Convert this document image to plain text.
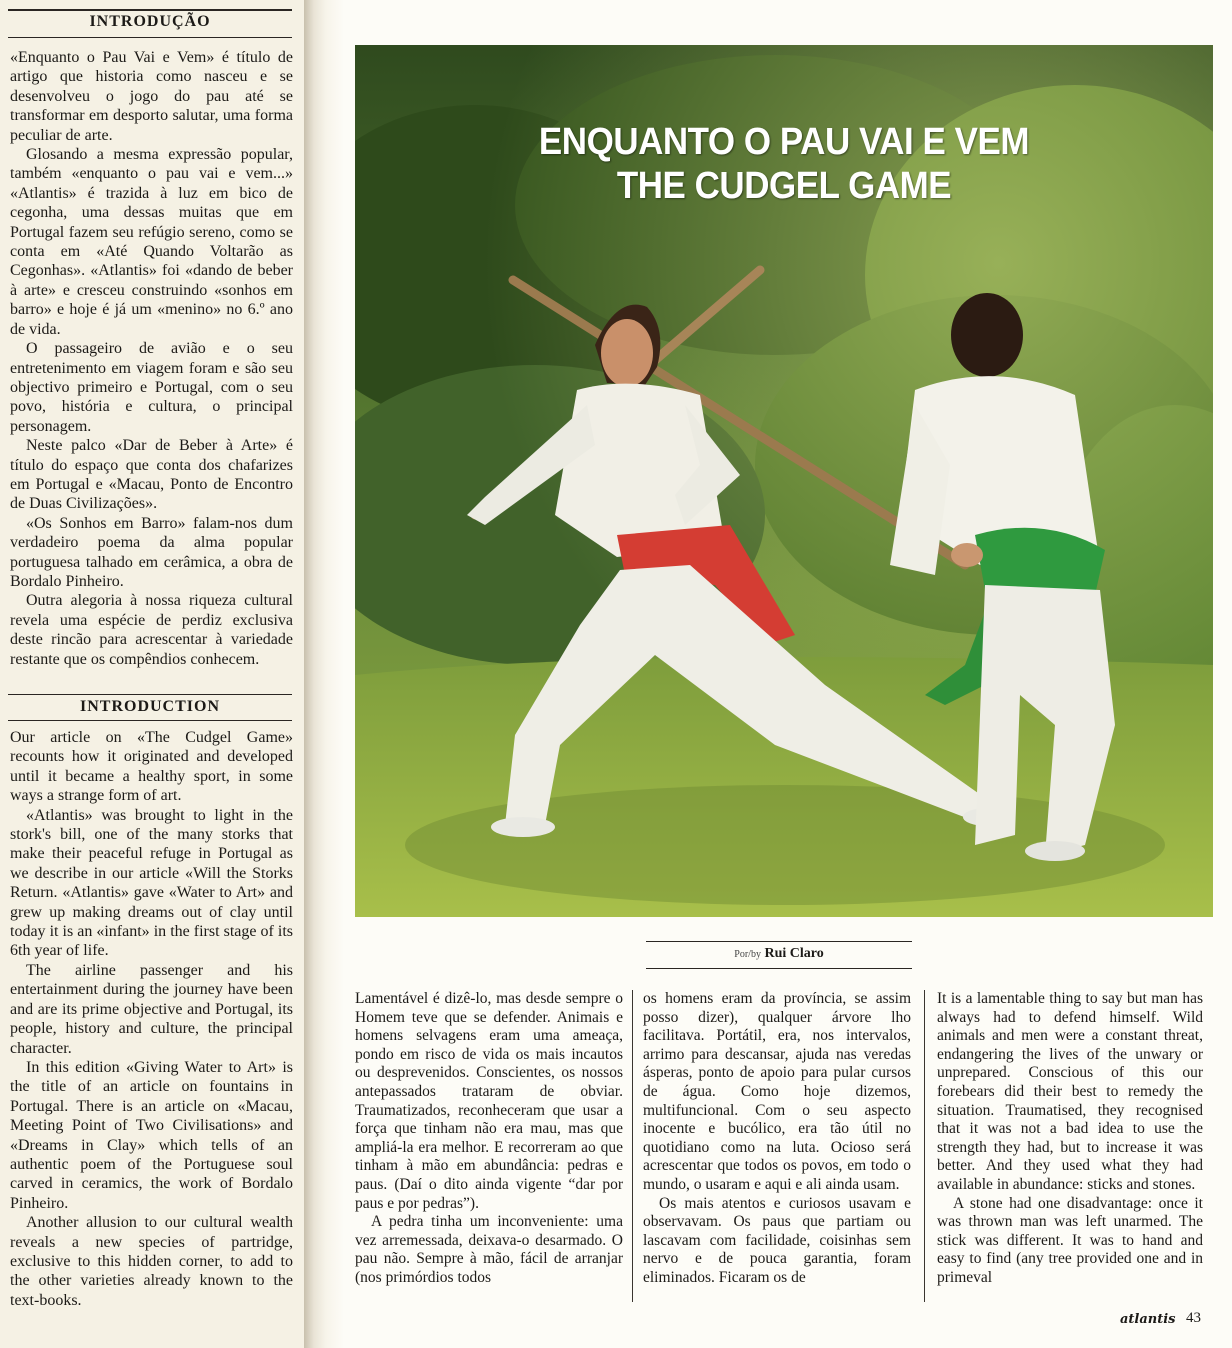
INTRODUÇÃO

«Enquanto o Pau Vai e Vem» é título de artigo que historia como nasceu e se desenvolveu o jogo do pau até se transformar em desporto salutar, uma forma peculiar de arte.

Glosando a mesma expressão popular, também «enquanto o pau vai e vem...» «Atlantis» é trazida à luz em bico de cegonha, uma dessas muitas que em Portugal fazem seu refúgio sereno, como se conta em «Até Quando Voltarão as Cegonhas». «Atlantis» foi «dando de beber à arte» e cresceu construindo «sonhos em barro» e hoje é já um «menino» no 6.º ano de vida.

O passageiro de avião e o seu entretenimento em viagem foram e são seu objectivo primeiro e Portugal, com o seu povo, história e cultura, o principal personagem.

Neste palco «Dar de Beber à Arte» é título do espaço que conta dos chafarizes em Portugal e «Macau, Ponto de Encontro de Duas Civilizações».

«Os Sonhos em Barro» falam-nos dum verdadeiro poema da alma popular portuguesa talhado em cerâmica, a obra de Bordalo Pinheiro.

Outra alegoria à nossa riqueza cultural revela uma espécie de perdiz exclusiva deste rincão para acrescentar à variedade restante que os compêndios conhecem.

INTRODUCTION

Our article on «The Cudgel Game» recounts how it originated and developed until it became a healthy sport, in some ways a strange form of art.

«Atlantis» was brought to light in the stork's bill, one of the many storks that make their peaceful refuge in Portugal as we describe in our article «Will the Storks Return. «Atlantis» gave «Water to Art» and grew up making dreams out of clay until today it is an «infant» in the first stage of its 6th year of life.

The airline passenger and his entertainment during the journey have been and are its prime objective and Portugal, its people, history and culture, the principal character.

In this edition «Giving Water to Art» is the title of an article on fountains in Portugal. There is an article on «Macau, Meeting Point of Two Civilisations» and «Dreams in Clay» which tells of an authentic poem of the Portuguese soul carved in ceramics, the work of Bordalo Pinheiro.

Another allusion to our cultural wealth reveals a new species of partridge, exclusive to this hidden corner, to add to the other varieties already known to the text-books.

ENQUANTO O PAU VAI E VEM
THE CUDGEL GAME
Por/by Rui Claro

Lamentável é dizê-lo, mas desde sempre o Homem teve que se defender. Animais e homens selvagens eram uma ameaça, pondo em risco de vida os mais incautos ou desprevenidos. Conscientes, os nossos antepassados trataram de obviar. Traumatizados, reconheceram que usar a força que tinham não era mau, mas que ampliá-la era melhor. E recorreram ao que tinham à mão em abundância: pedras e paus. (Daí o dito ainda vigente “dar por paus e por pedras”).

A pedra tinha um inconveniente: uma vez arremessada, deixava-o desarmado. O pau não. Sempre à mão, fácil de arranjar (nos primórdios todos

os homens eram da província, se assim posso dizer), qualquer árvore lho facilitava. Portátil, era, nos intervalos, arrimo para descansar, ajuda nas veredas ásperas, ponto de apoio para pular cursos de água. Como hoje dizemos, multifuncional. Com o seu aspecto inocente e bucólico, era tão útil no quotidiano como na luta. Ocioso será acrescentar que todos os povos, em todo o mundo, o usaram e aqui e ali ainda usam.

Os mais atentos e curiosos usavam e observavam. Os paus que partiam ou lascavam com facilidade, coisinhas sem nervo e de pouca garantia, foram eliminados. Ficaram os de

It is a lamentable thing to say but man has always had to defend himself. Wild animals and men were a constant threat, endangering the lives of the unwary or unprepared. Conscious of this our forebears did their best to remedy the situation. Traumatised, they recognised that it was not a bad idea to use the strength they had, but to increase it was better. And they used what they had available in abundance: sticks and stones.

A stone had one disadvantage: once it was thrown man was left unarmed. The stick was different. It was to hand and easy to find (any tree provided one and in primeval

atlantis 43
